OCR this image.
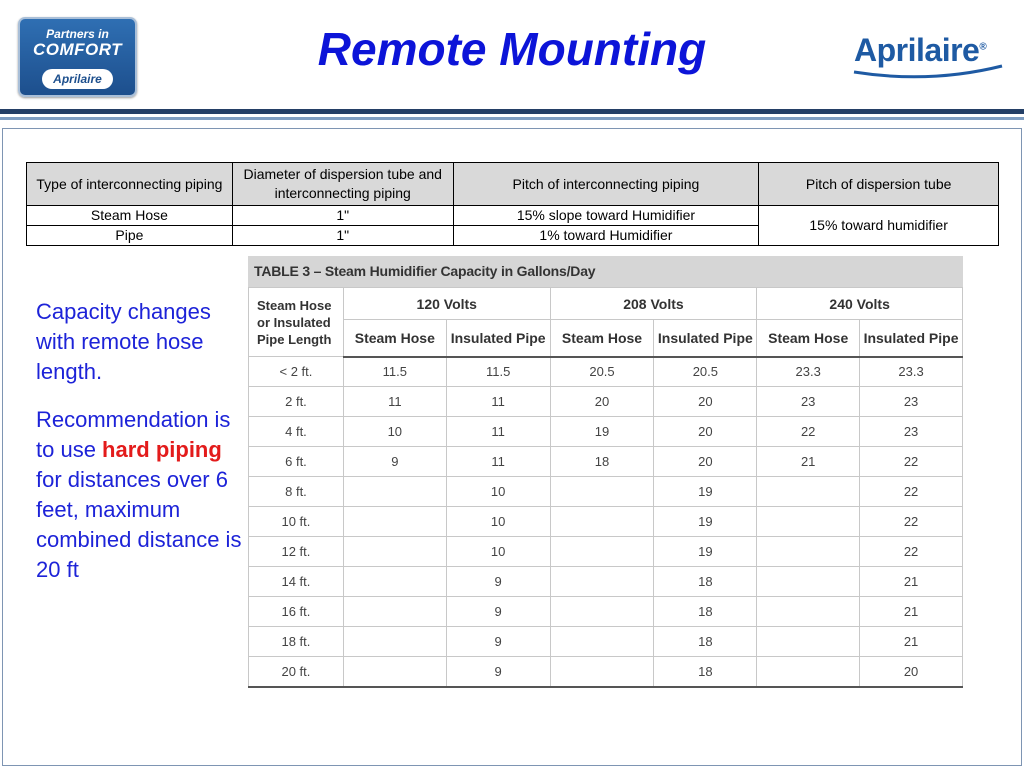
Partners in
COMFORT
Aprilaire
Remote Mounting	Aprilaire®
Type of interconnecting piping	Diameter of dispersion tube and interconnecting piping	Pitch of interconnecting piping	Pitch of dispersion tube
Steam Hose	1"	15% slope toward Humidifier	15% toward humidifier
Pipe	1"	1% toward Humidifier	

Capacity changes with remote hose length.

Recommendation is to use hard piping for distances over 6 feet, maximum combined distance is 20 ft

TABLE 3 – Steam Humidifier Capacity in Gallons/Day
Steam Hose or Insulated Pipe Length	120 Volts		208 Volts		240 Volts	
	Steam Hose	Insulated Pipe	Steam Hose	Insulated Pipe	Steam Hose	Insulated Pipe
< 2 ft.	11.5	11.5	20.5	20.5	23.3	23.3
2 ft.	11	11	20	20	23	23
4 ft.	10	11	19	20	22	23
6 ft.	9	11	18	20	21	22
8 ft.		10		19		22
10 ft.		10		19		22
12 ft.		10		19		22
14 ft.		9		18		21
16 ft.		9		18		21
18 ft.		9		18		21
20 ft.		9		18		20
